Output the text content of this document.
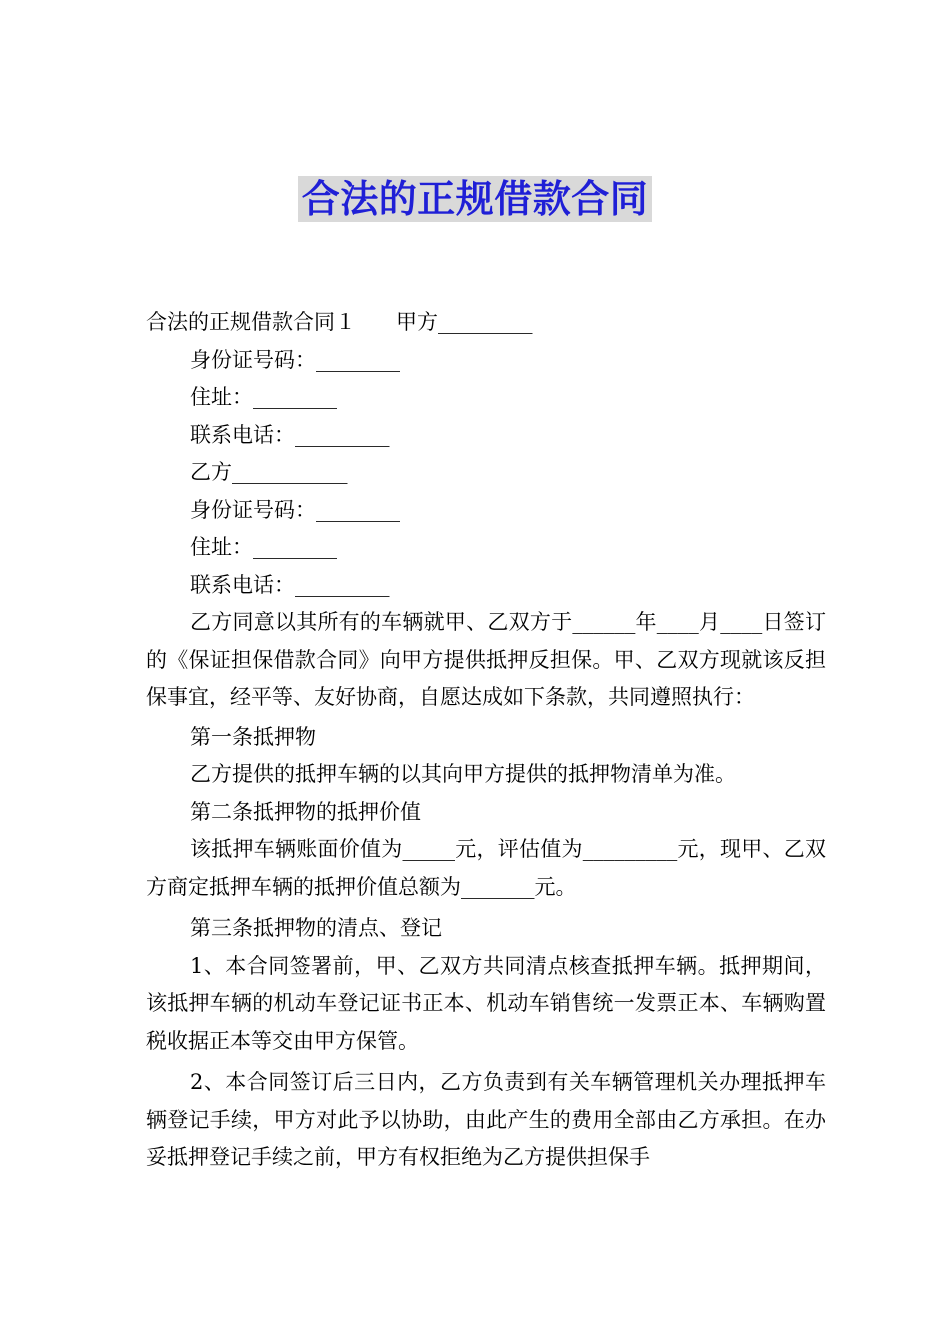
合法的正规借款合同
合法的正规借款合同１ 甲方_________
身份证号码：________
住址：________
联系电话：_________
乙方___________
身份证号码：________
住址：________
联系电话：_________
乙方同意以其所有的车辆就甲、乙双方于______年____月____日签订的《保证担保借款合同》向甲方提供抵押反担保。甲、乙双方现就该反担保事宜，经平等、友好协商，自愿达成如下条款，共同遵照执行：
第一条抵押物
乙方提供的抵押车辆的以其向甲方提供的抵押物清单为准。
第二条抵押物的抵押价值
该抵押车辆账面价值为_____元，评估值为_________元，现甲、乙双方商定抵押车辆的抵押价值总额为_______元。
第三条抵押物的清点、登记
1、本合同签署前，甲、乙双方共同清点核查抵押车辆。抵押期间，该抵押车辆的机动车登记证书正本、机动车销售统一发票正本、车辆购置税收据正本等交由甲方保管。
2、本合同签订后三日内，乙方负责到有关车辆管理机关办理抵押车辆登记手续，甲方对此予以协助，由此产生的费用全部由乙方承担。在办妥抵押登记手续之前，甲方有权拒绝为乙方提供担保手
